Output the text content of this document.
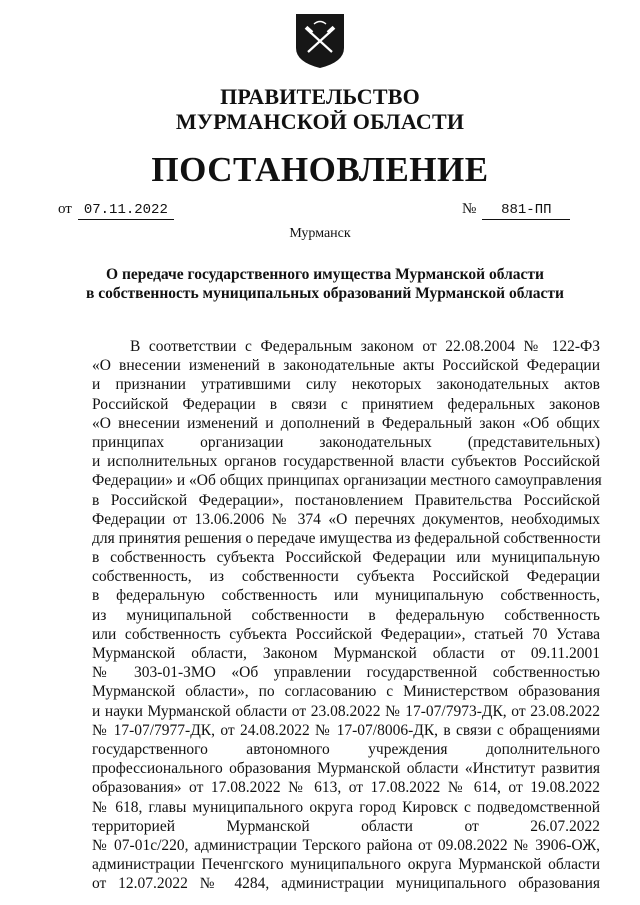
ПРАВИТЕЛЬСТВО
МУРМАНСКОЙ ОБЛАСТИ
ПОСТАНОВЛЕНИЕ
от 07.11.2022	№ 881-ПП
Мурманск
О передаче государственного имущества Мурманской области
в собственность муниципальных образований Мурманской области
В соответствии с Федеральным законом от 22.08.2004 № 122-ФЗ
«О внесении изменений в законодательные акты Российской Федерации
и признании утратившими силу некоторых законодательных актов
Российской Федерации в связи с принятием федеральных законов
«О внесении изменений и дополнений в Федеральный закон «Об общих
принципах организации законодательных (представительных)
и исполнительных органов государственной власти субъектов Российской
Федерации» и «Об общих принципах организации местного самоуправления
в Российской Федерации», постановлением Правительства Российской
Федерации от 13.06.2006 № 374 «О перечнях документов, необходимых
для принятия решения о передаче имущества из федеральной собственности
в собственность субъекта Российской Федерации или муниципальную
собственность, из собственности субъекта Российской Федерации
в федеральную собственность или муниципальную собственность,
из муниципальной собственности в федеральную собственность
или собственность субъекта Российской Федерации», статьей 70 Устава
Мурманской области, Законом Мурманской области от 09.11.2001
№ 303-01-ЗМО «Об управлении государственной собственностью
Мурманской области», по согласованию с Министерством образования
и науки Мурманской области от 23.08.2022 № 17-07/7973-ДК, от 23.08.2022
№ 17-07/7977-ДК, от 24.08.2022 № 17-07/8006-ДК, в связи с обращениями
государственного автономного учреждения дополнительного
профессионального образования Мурманской области «Институт развития
образования» от 17.08.2022 № 613, от 17.08.2022 № 614, от 19.08.2022
№ 618, главы муниципального округа город Кировск с подведомственной
территорией Мурманской области от 26.07.2022
№ 07-01с/220, администрации Терского района от 09.08.2022 № 3906-ОЖ,
администрации Печенгского муниципального округа Мурманской области
от 12.07.2022 № 4284, администрации муниципального образования
